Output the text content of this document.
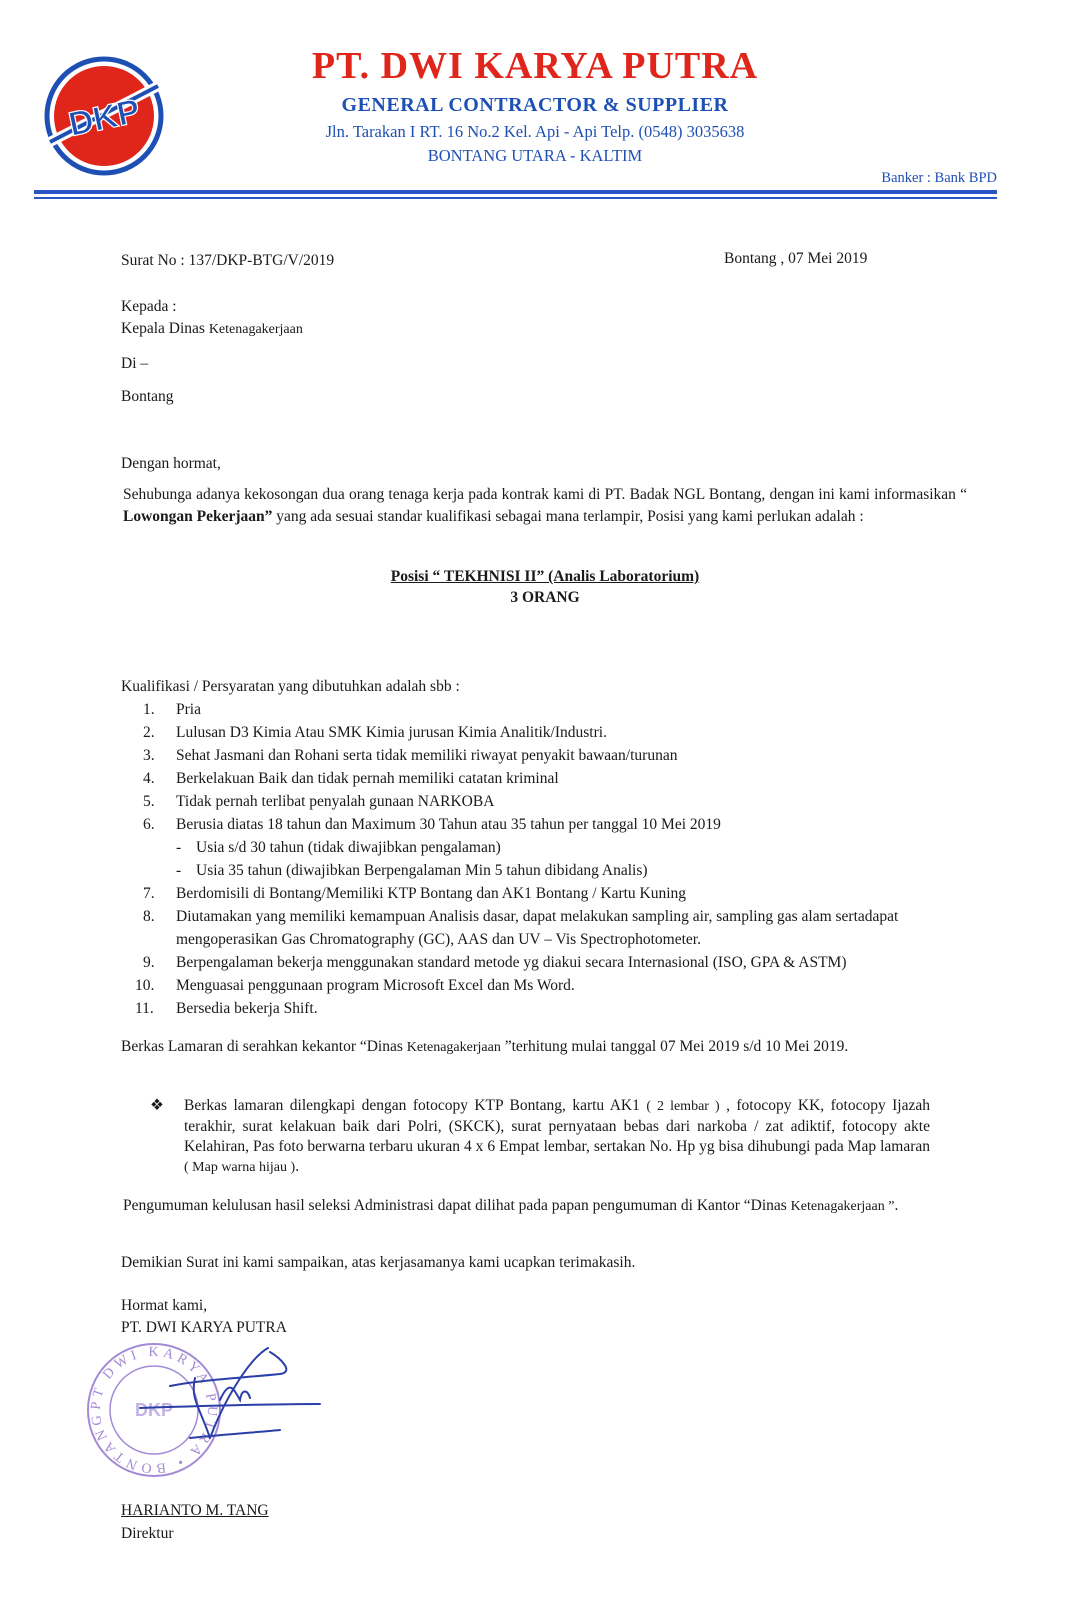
DKP
PT. DWI KARYA PUTRA
GENERAL CONTRACTOR & SUPPLIER
Jln. Tarakan I RT. 16 No.2 Kel. Api - Api Telp. (0548) 3035638
BONTANG UTARA - KALTIM
Banker : Bank BPD
Surat No : 137/DKP-BTG/V/2019	Bontang , 07 Mei 2019
Kepada :
Kepala Dinas Ketenagakerjaan
Di –
Bontang
Dengan hormat,
Sehubunga adanya kekosongan dua orang tenaga kerja pada kontrak kami di PT. Badak NGL Bontang, dengan ini kami informasikan “ Lowongan Pekerjaan” yang ada sesuai standar kualifikasi sebagai mana terlampir, Posisi yang kami perlukan adalah :
Posisi “ TEKHNISI II” (Analis Laboratorium)
3 ORANG
Kualifikasi / Persyaratan yang dibutuhkan adalah sbb :
1. Pria
2. Lulusan D3 Kimia Atau SMK Kimia jurusan Kimia Analitik/Industri.
3. Sehat Jasmani dan Rohani serta tidak memiliki riwayat penyakit bawaan/turunan
4. Berkelakuan Baik dan tidak pernah memiliki catatan kriminal
5. Tidak pernah terlibat penyalah gunaan NARKOBA
6. Berusia diatas 18 tahun dan Maximum 30 Tahun atau 35 tahun per tanggal 10 Mei 2019
- Usia s/d 30 tahun (tidak diwajibkan pengalaman)
- Usia 35 tahun (diwajibkan Berpengalaman Min 5 tahun dibidang Analis)
7. Berdomisili di Bontang/Memiliki KTP Bontang dan AK1 Bontang / Kartu Kuning
8. Diutamakan yang memiliki kemampuan Analisis dasar, dapat melakukan sampling air, sampling gas alam sertadapat mengoperasikan Gas Chromatography (GC), AAS dan UV – Vis Spectrophotometer.
9. Berpengalaman bekerja menggunakan standard metode yg diakui secara Internasional (ISO, GPA & ASTM)
10. Menguasai penggunaan program Microsoft Excel dan Ms Word.
11. Bersedia bekerja Shift.
Berkas Lamaran di serahkan kekantor “Dinas Ketenagakerjaan ”terhitung mulai tanggal 07 Mei 2019 s/d 10 Mei 2019.
❖	Berkas lamaran dilengkapi dengan fotocopy KTP Bontang, kartu AK1 ( 2 lembar ) , fotocopy KK, fotocopy Ijazah terakhir, surat kelakuan baik dari Polri, (SKCK), surat pernyataan bebas dari narkoba / zat adiktif, fotocopy akte Kelahiran, Pas foto berwarna terbaru ukuran 4 x 6 Empat lembar, sertakan No. Hp yg bisa dihubungi pada Map lamaran ( Map warna hijau ).
Pengumuman kelulusan hasil seleksi Administrasi dapat dilihat pada papan pengumuman di Kantor “Dinas Ketenagakerjaan ”.
Demikian Surat ini kami sampaikan, atas kerjasamanya kami ucapkan terimakasih.
Hormat kami,
PT. DWI KARYA PUTRA
PT DWI KARYA PUTRA • BONTANG	DKP
HARIANTO M. TANG
Direktur
